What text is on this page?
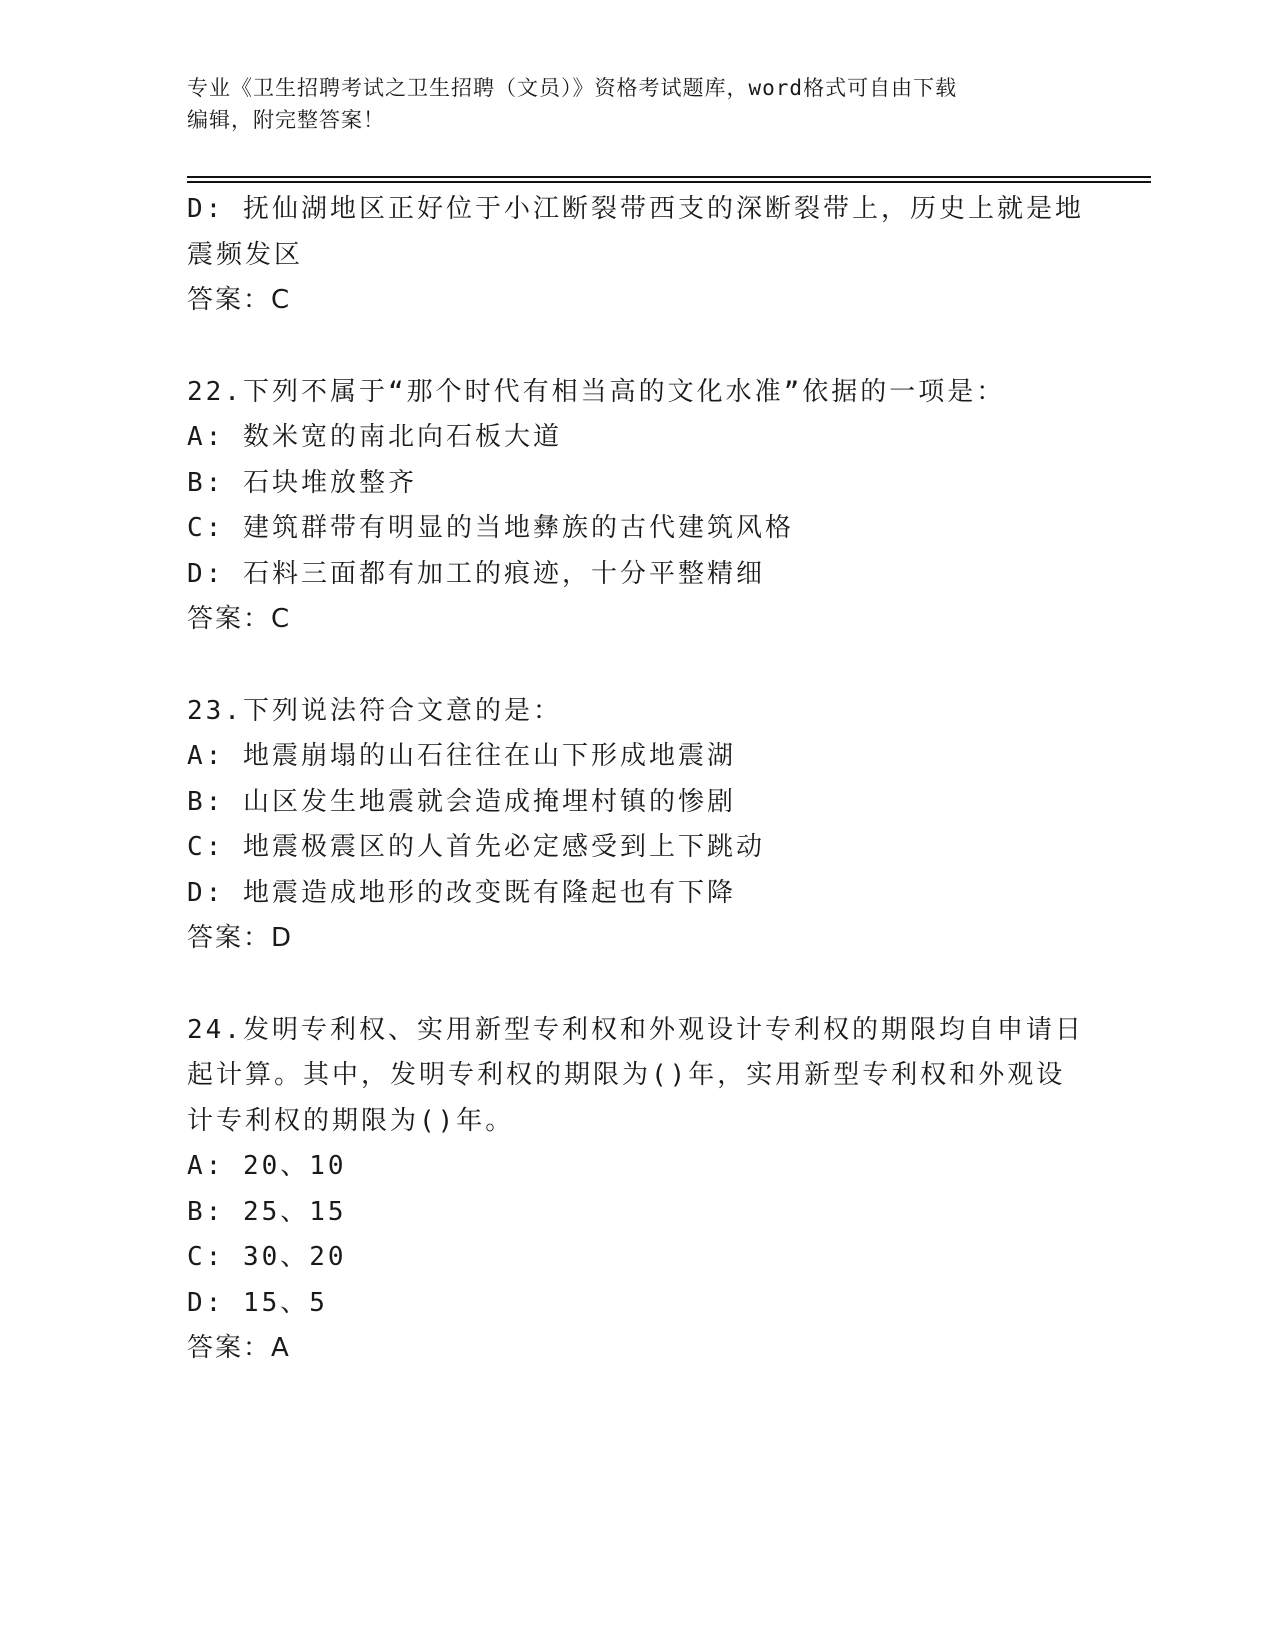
专业《卫生招聘考试之卫生招聘（文员）》资格考试题库，word格式可自由下载
编辑，附完整答案！
D: 抚仙湖地区正好位于小江断裂带西支的深断裂带上，历史上就是地
震频发区
答案：C
22.下列不属于“那个时代有相当高的文化水准”依据的一项是：
A: 数米宽的南北向石板大道
B: 石块堆放整齐
C: 建筑群带有明显的当地彝族的古代建筑风格
D: 石料三面都有加工的痕迹，十分平整精细
答案：C
23.下列说法符合文意的是：
A: 地震崩塌的山石往往在山下形成地震湖
B: 山区发生地震就会造成掩埋村镇的惨剧
C: 地震极震区的人首先必定感受到上下跳动
D: 地震造成地形的改变既有隆起也有下降
答案：D
24.发明专利权、实用新型专利权和外观设计专利权的期限均自申请日
起计算。其中，发明专利权的期限为()年，实用新型专利权和外观设
计专利权的期限为()年。
A: 20、10
B: 25、15
C: 30、20
D: 15、5
答案：A
